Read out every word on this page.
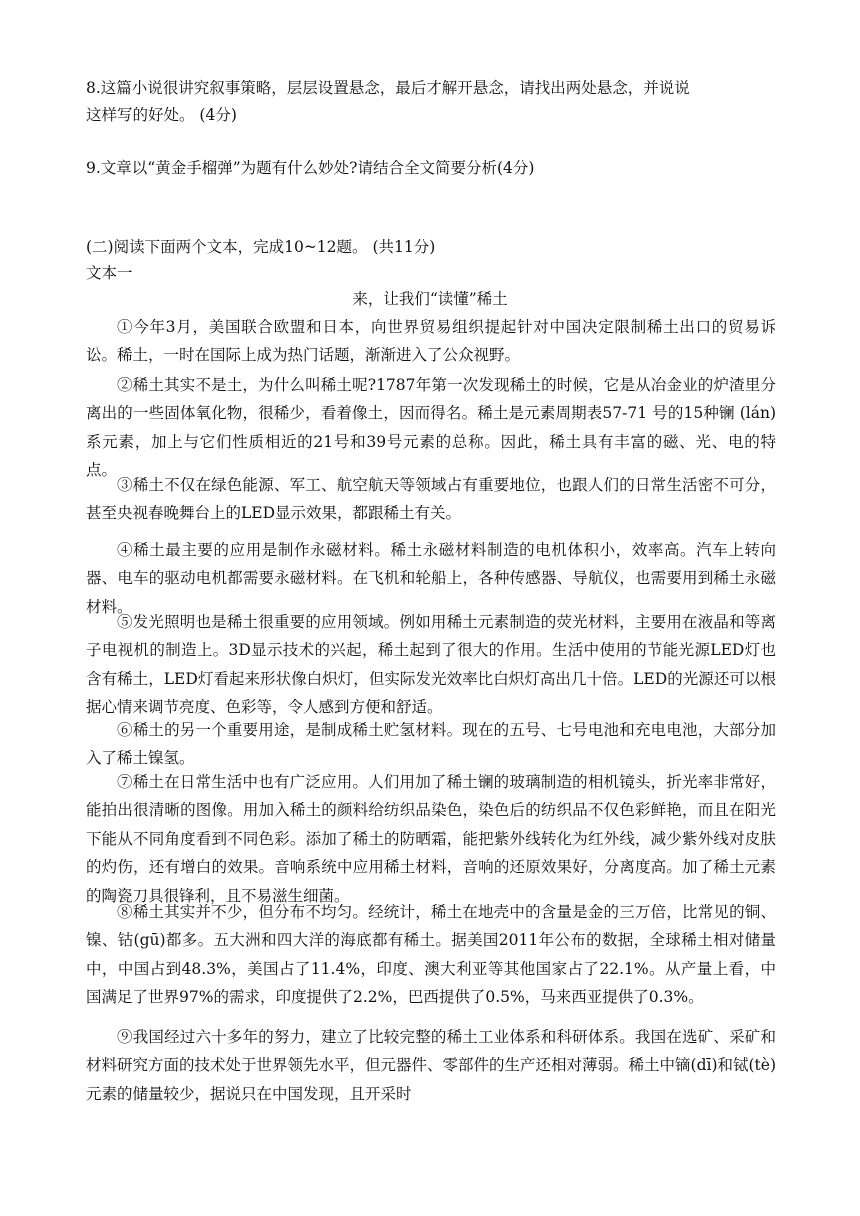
8.这篇小说很讲究叙事策略，层层设置悬念，最后才解开悬念，请找出两处悬念，并说说

这样写的好处。 (4分)

9.文章以“黄金手榴弹”为题有什么妙处?请结合全文简要分析(4分)

(二)阅读下面两个文本，完成10~12题。 (共11分)

文本一

来，让我们“读懂”稀土

①今年3月，美国联合欧盟和日本，向世界贸易组织提起针对中国决定限制稀土出口的贸易诉讼。稀土，一时在国际上成为热门话题，渐渐进入了公众视野。

②稀土其实不是土，为什么叫稀土呢?1787年第一次发现稀土的时候，它是从冶金业的炉渣里分离出的一些固体氧化物，很稀少，看着像土，因而得名。稀土是元素周期表57-71 号的15种镧 (lán)系元素，加上与它们性质相近的21号和39号元素的总称。因此，稀土具有丰富的磁、光、电的特点。

③稀土不仅在绿色能源、军工、航空航天等领域占有重要地位，也跟人们的日常生活密不可分，甚至央视春晚舞台上的LED显示效果，都跟稀土有关。

④稀土最主要的应用是制作永磁材料。稀土永磁材料制造的电机体积小，效率高。汽车上转向器、电车的驱动电机都需要永磁材料。在飞机和轮船上，各种传感器、导航仪，也需要用到稀土永磁材料。

⑤发光照明也是稀土很重要的应用领域。例如用稀土元素制造的荧光材料，主要用在液晶和等离子电视机的制造上。3D显示技术的兴起，稀土起到了很大的作用。生活中使用的节能光源LED灯也含有稀土，LED灯看起来形状像白炽灯，但实际发光效率比白炽灯高出几十倍。LED的光源还可以根据心情来调节亮度、色彩等，令人感到方便和舒适。

⑥稀土的另一个重要用途，是制成稀土贮氢材料。现在的五号、七号电池和充电电池，大部分加入了稀土镍氢。

⑦稀土在日常生活中也有广泛应用。人们用加了稀土镧的玻璃制造的相机镜头，折光率非常好，能拍出很清晰的图像。用加入稀土的颜料给纺织品染色，染色后的纺织品不仅色彩鲜艳，而且在阳光下能从不同角度看到不同色彩。添加了稀土的防晒霜，能把紫外线转化为红外线，减少紫外线对皮肤的灼伤，还有增白的效果。音响系统中应用稀土材料，音响的还原效果好，分离度高。加了稀土元素的陶瓷刀具很锋利，且不易滋生细菌。

⑧稀土其实并不少，但分布不均匀。经统计，稀土在地壳中的含量是金的三万倍，比常见的铜、镍、钴(gū)都多。五大洲和四大洋的海底都有稀土。据美国2011年公布的数据，全球稀土相对储量中，中国占到48.3%，美国占了11.4%，印度、澳大利亚等其他国家占了22.1%。从产量上看，中国满足了世界97%的需求，印度提供了2.2%，巴西提供了0.5%，马来西亚提供了0.3%。

⑨我国经过六十多年的努力，建立了比较完整的稀土工业体系和科研体系。我国在选矿、采矿和材料研究方面的技术处于世界领先水平，但元器件、零部件的生产还相对薄弱。稀土中镝(dī)和铽(tè)元素的储量较少，据说只在中国发现，且开采时
